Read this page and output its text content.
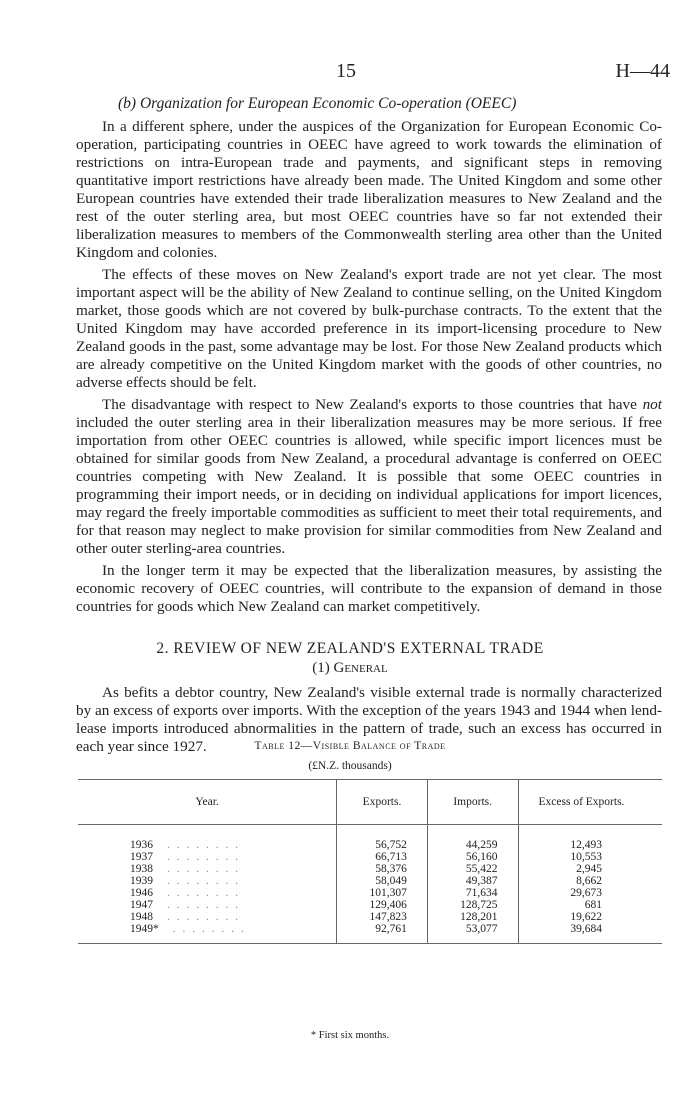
15	H—44
(b) Organization for European Economic Co-operation (OEEC)

In a different sphere, under the auspices of the Organization for European Economic Co-operation, participating countries in OEEC have agreed to work towards the elimination of restrictions on intra-European trade and payments, and significant steps in removing quantitative import restrictions have already been made. The United Kingdom and some other European countries have extended their trade liberalization measures to New Zealand and the rest of the outer sterling area, but most OEEC countries have so far not extended their liberalization measures to members of the Commonwealth sterling area other than the United Kingdom and colonies.

The effects of these moves on New Zealand's export trade are not yet clear. The most important aspect will be the ability of New Zealand to continue selling, on the United Kingdom market, those goods which are not covered by bulk-purchase contracts. To the extent that the United Kingdom may have accorded preference in its import-licensing procedure to New Zealand goods in the past, some advantage may be lost. For those New Zealand products which are already competitive on the United Kingdom market with the goods of other countries, no adverse effects should be felt.

The disadvantage with respect to New Zealand's exports to those countries that have not included the outer sterling area in their liberalization measures may be more serious. If free importation from other OEEC countries is allowed, while specific import licences must be obtained for similar goods from New Zealand, a procedural advantage is conferred on OEEC countries competing with New Zealand. It is possible that some OEEC countries in programming their import needs, or in deciding on individual applications for import licences, may regard the freely importable commodities as sufficient to meet their total requirements, and for that reason may neglect to make provision for similar commodities from New Zealand and other outer sterling-area countries.

In the longer term it may be expected that the liberalization measures, by assisting the economic recovery of OEEC countries, will contribute to the expansion of demand in those countries for goods which New Zealand can market competitively.

2. REVIEW OF NEW ZEALAND'S EXTERNAL TRADE
(1) General

As befits a debtor country, New Zealand's visible external trade is normally characterized by an excess of exports over imports. With the exception of the years 1943 and 1944 when lend-lease imports introduced abnormalities in the pattern of trade, such an excess has occurred in each year since 1927.	Table 12—Visible Balance of Trade
(£N.Z. thousands)
Year.	Exports.	Imports.	Excess of Exports.
1936 . . . . . . . .	56,752	44,259	12,493
1937 . . . . . . . .	66,713	56,160	10,553
1938 . . . . . . . .	58,376	55,422	2,945
1939 . . . . . . . .	58,049	49,387	8,662
1946 . . . . . . . .	101,307	71,634	29,673
1947 . . . . . . . .	129,406	128,725	681
1948 . . . . . . . .	147,823	128,201	19,622
1949* . . . . . . . .	92,761	53,077	39,684
* First six months.
